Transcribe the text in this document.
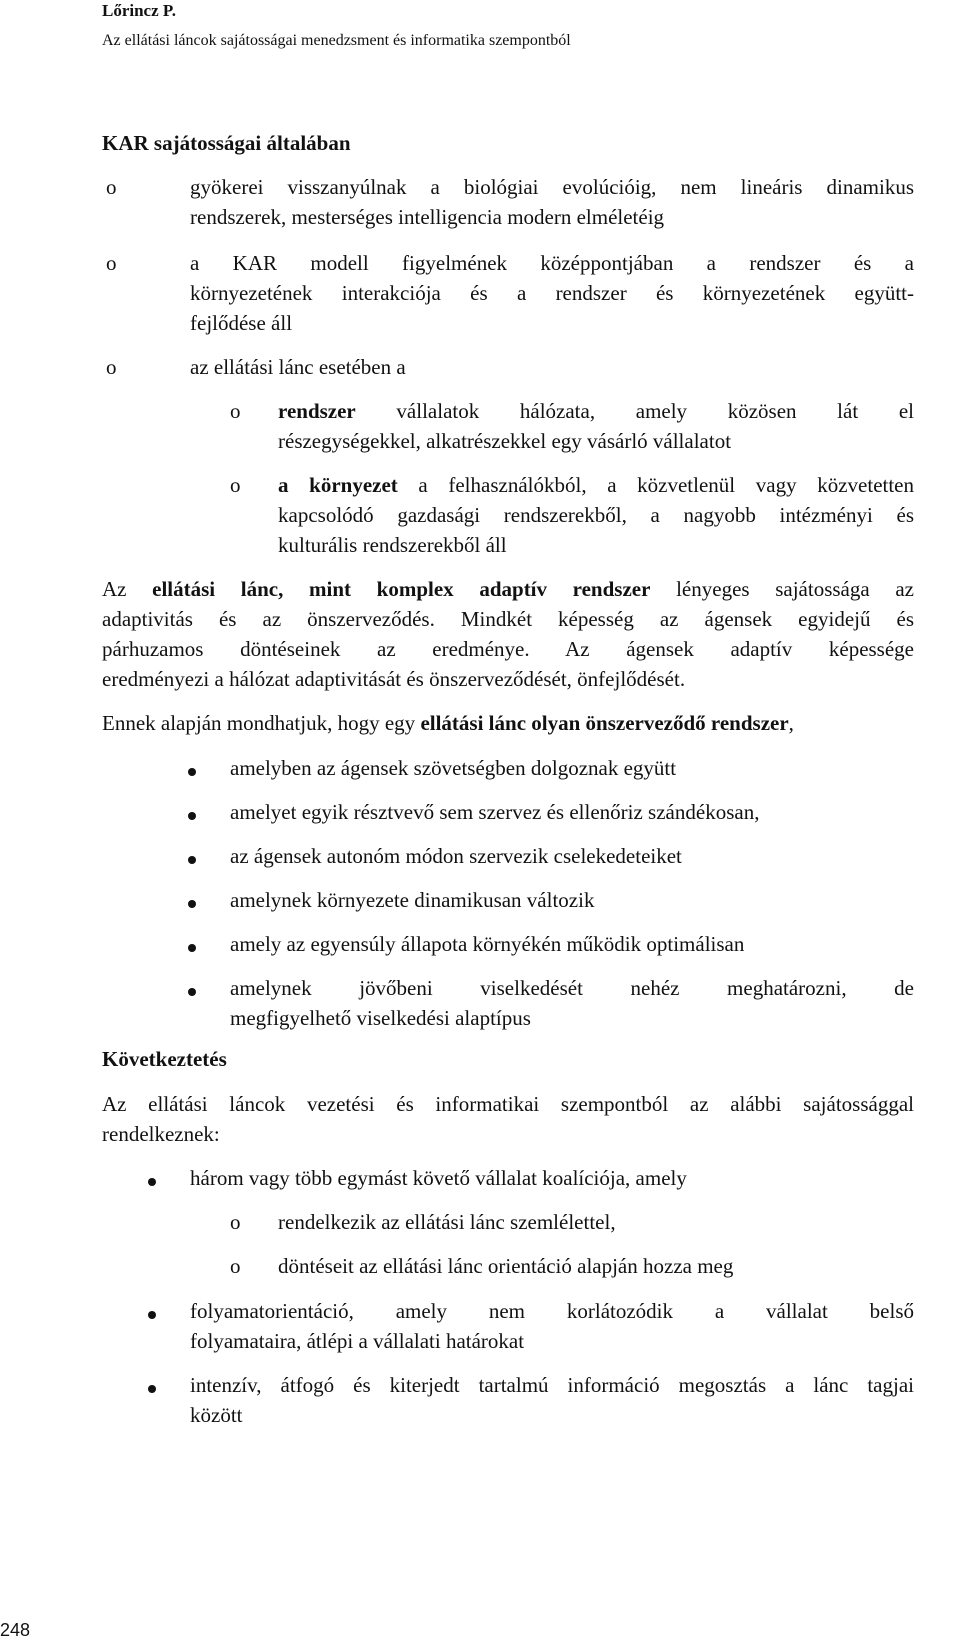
Lőrincz P.
Az ellátási láncok sajátosságai menedzsment és informatika szempontból
KAR sajátosságai általában
o	gyökerei visszanyúlnak a biológiai evolúcióig, nem lineáris dinamikus
rendszerek, mesterséges intelligencia modern elméletéig
o	a KAR modell figyelmének középpontjában a rendszer és a
környezetének interakciója és a rendszer és környezetének együtt-
fejlődése áll
o	az ellátási lánc esetében a
o rendszer vállalatok hálózata, amely közösen lát el
részegységekkel, alkatrészekkel egy vásárló vállalatot
o a környezet a felhasználókból, a közvetlenül vagy közvetetten
kapcsolódó gazdasági rendszerekből, a nagyobb intézményi és
kulturális rendszerekből áll
Az ellátási lánc, mint komplex adaptív rendszer lényeges sajátossága az
adaptivitás és az önszerveződés. Mindkét képesség az ágensek egyidejű és
párhuzamos döntéseinek az eredménye. Az ágensek adaptív képessége
eredményezi a hálózat adaptivitását és önszerveződését, önfejlődését.
Ennek alapján mondhatjuk, hogy egy ellátási lánc olyan önszerveződő rendszer,
amelyben az ágensek szövetségben dolgoznak együtt
amelyet egyik résztvevő sem szervez és ellenőriz szándékosan,
az ágensek autonóm módon szervezik cselekedeteiket
amelynek környezete dinamikusan változik
amely az egyensúly állapota környékén működik optimálisan
amelynek jövőbeni viselkedését nehéz meghatározni, de
megfigyelhető viselkedési alaptípus
Következtetés
Az ellátási láncok vezetési és informatikai szempontból az alábbi sajátossággal
rendelkeznek:
három vagy több egymást követő vállalat koalíciója, amely
o rendelkezik az ellátási lánc szemlélettel,
o döntéseit az ellátási lánc orientáció alapján hozza meg
folyamatorientáció, amely nem korlátozódik a vállalat belső
folyamataira, átlépi a vállalati határokat
intenzív, átfogó és kiterjedt tartalmú információ megosztás a lánc tagjai
között
248
